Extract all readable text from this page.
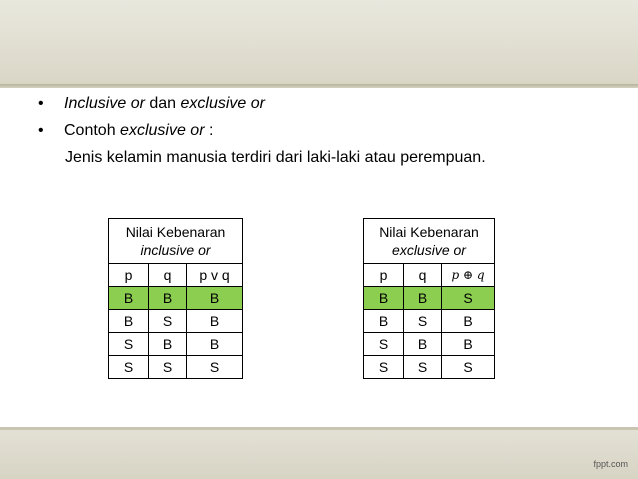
• Inclusive or dan exclusive or
• Contoh exclusive or :
Jenis kelamin manusia terdiri dari laki-laki atau perempuan.
Nilai Kebenaran
inclusive or		
p	q	p v q
B	B	B
B	S	B
S	B	B
S	S	S
Nilai Kebenaran
exclusive or		
p	q	p ⊕ q
B	B	S
B	S	B
S	B	B
S	S	S
fppt.com
